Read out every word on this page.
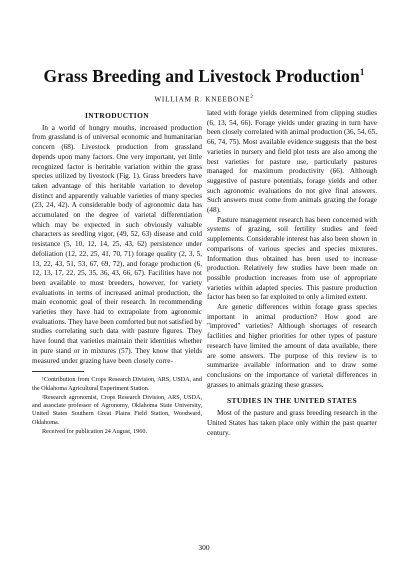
Grass Breeding and Livestock Production$^1$
WILLIAM R. KNEEBONE$^2$
INTRODUCTION

In a world of hungry mouths, increased production from grassland is of universal economic and humanitarian concern (68). Livestock production from grassland depends upon many factors. One very important, yet little recognized factor is heritable variation within the grass species utilized by livestock (Fig. 1). Grass breeders have taken advantage of this heritable variation to develop distinct and apparently valuable varieties of many species (23, 24, 42). A considerable body of agronomic data has accumulated on the degree of varietal differentiation which may be expected in such obviously valuable characters as seedling vigor, (49, 52, 63) disease and cold resistance (5, 10, 12, 14, 25, 43, 62) persistence under defoliation (12, 22, 25, 41, 70, 71) forage quality (2, 3, 5, 13, 22, 43, 51, 53, 67, 69, 72), and forage production (6, 12, 13, 17, 22, 25, 35, 36, 43, 66, 67). Facilities have not been available to most breeders, however, for variety evaluations in terms of increased animal production, the main economic goal of their research. In recommending varieties they have had to extrapolate from agronomic evaluations. They have been comforted but not satisfied by studies correlating such data with pasture figures. They have found that varieties maintain their identities whether in pure stand or in mixtures (57). They know that yields measured under grazing have been closely corre-

¹Contribution from Crops Research Division, ARS, USDA, and the Oklahoma Agricultural Experiment Station.

²Research agronomist, Crops Research Division, ARS, USDA, and associate professor of Agronomy, Oklahoma State University, United States Southern Great Plains Field Station, Woodward, Oklahoma.

Received for publication 24 August, 1960.

lated with forage yields determined from clipping studies (6, 13, 54, 66). Forage yields under grazing in turn have been closely correlated with animal production (36, 54, 65, 66, 74, 75). Most available evidence suggests that the best varieties in nursery and field plot tests are also among the best varieties for pasture use, particularly pastures managed for maximum productivity (66). Although suggestive of pasture potentials, forage yields and other such agronomic evaluations do not give final answers. Such answers must come from animals grazing the forage (48).

Pasture management research has been concerned with systems of grazing, soil fertility studies and feed supplements. Considerable interest has also been shown in comparisons of various species and species mixtures. Information thus obtained has been used to increase production. Relatively few studies have been made on possible production increases from use of appropriate varieties within adapted species. This pasture production factor has been so far exploited to only a limited extent.

Are genetic differences within forage grass species important in animal production? How good are "improved" varieties? Although shortages of research facilities and higher priorities for other types of pasture research have limited the amount of data available, there are some answers. The purpose of this review is to summarize available information and to draw some conclusions on the importance of varietal differences in grasses to animals grazing these grasses.

STUDIES IN THE UNITED STATES

Most of the pasture and grass breeding research in the United States has taken place only within the past quarter century.

300
